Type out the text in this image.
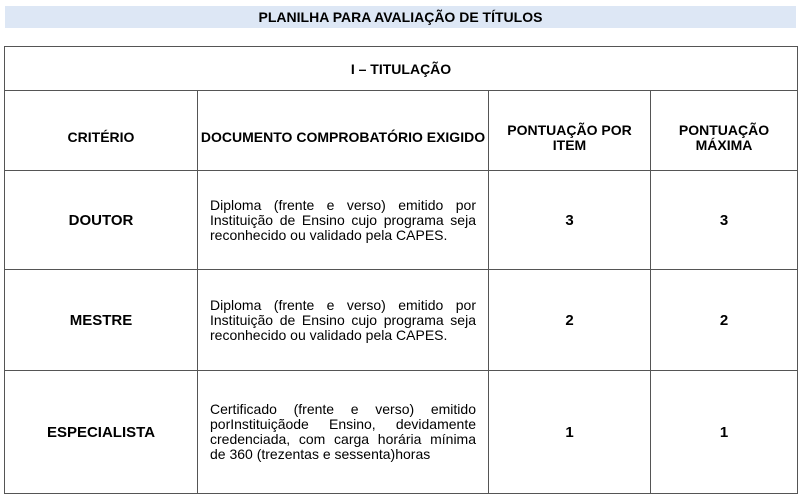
PLANILHA PARA AVALIAÇÃO DE TÍTULOS
I – TITULAÇÃO			

CRITÉRIO	DOCUMENTO COMPROBATÓRIO EXIGIDO	PONTUAÇÃO POR ITEM	PONTUAÇÃO MÁXIMA

DOUTOR	Diploma (frente e verso) emitido por Instituição de Ensino cujo programa seja reconhecido ou validado pela CAPES.	3	3
MESTRE	Diploma (frente e verso) emitido por Instituição de Ensino cujo programa seja reconhecido ou validado pela CAPES.	2	2
ESPECIALISTA	Certificado (frente e verso) emitido porInstituiçãode Ensino, devidamente credenciada, com carga horária mínima de 360 (trezentas e sessenta)horas	1	1
